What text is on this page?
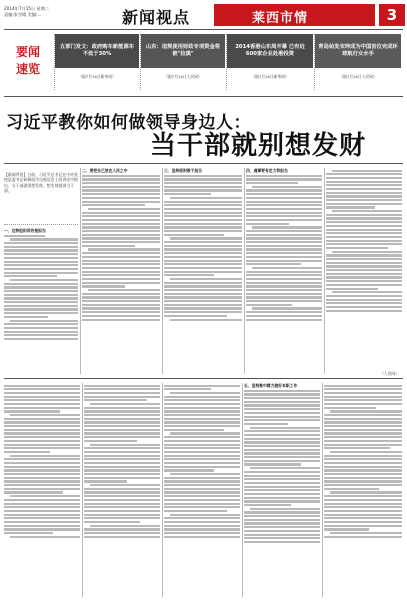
2014年7月15日 星期二
责编:张雪晴 美编:...	新闻视点	莱西市情	3
要闻
速览
五部门发文：政府购车新能源车不低于30%
（据7月14日新华网）
山东：违规使用财政专项资金将被"拉黑"
（据7月14日人民网）
2014香港山东周开幕 已有近600家企业赴港投资
（据7月14日新华网）
青岛始发宋坤成为中国首位完成环球航行女水手
（据7月14日人民网）
习近平教你如何做领导身边人：
当干部就别想发财
【新闻背景】日前，习近平总书记在中央党校县委书记研修班学员座谈会上的讲话中指出，当干部就别想发财，想发财就别当干部。

一、这种组织讲的是担当

二、要把自己放在人民之中	三、坚持原则敢于担当	四、遇事要有定力和担当

（人民网）

五、坚持集中精力做好本职工作
